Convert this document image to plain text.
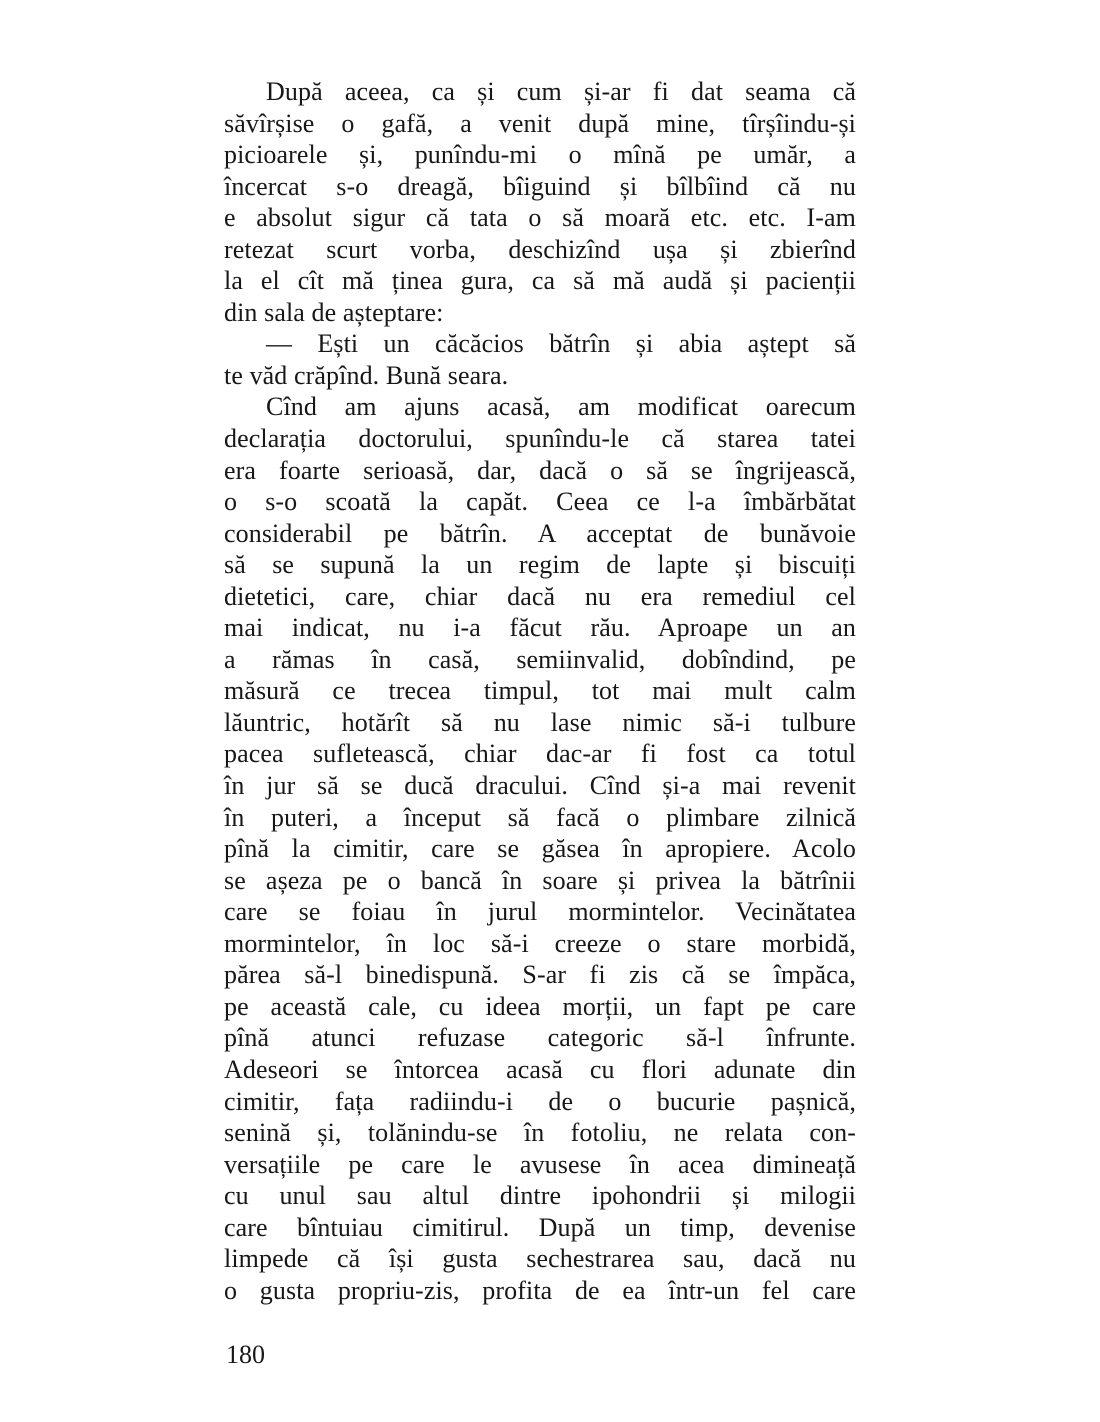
După aceea, ca și cum și-ar fi dat seama că
săvîrșise o gafă, a venit după mine, tîrșîindu-și
picioarele și, punîndu-mi o mînă pe umăr, a
încercat s-o dreagă, bîiguind și bîlbîind că nu
e absolut sigur că tata o să moară etc. etc. I-am
retezat scurt vorba, deschizînd ușa și zbierînd
la el cît mă ținea gura, ca să mă audă și pacienții
din sala de așteptare:
— Ești un căcăcios bătrîn și abia aștept să
te văd crăpînd. Bună seara.
Cînd am ajuns acasă, am modificat oarecum
declarația doctorului, spunîndu-le că starea tatei
era foarte serioasă, dar, dacă o să se îngrijească,
o s-o scoată la capăt. Ceea ce l-a îmbărbătat
considerabil pe bătrîn. A acceptat de bunăvoie
să se supună la un regim de lapte și biscuiți
dietetici, care, chiar dacă nu era remediul cel
mai indicat, nu i-a făcut rău. Aproape un an
a rămas în casă, semiinvalid, dobîndind, pe
măsură ce trecea timpul, tot mai mult calm
lăuntric, hotărît să nu lase nimic să-i tulbure
pacea sufletească, chiar dac-ar fi fost ca totul
în jur să se ducă dracului. Cînd și-a mai revenit
în puteri, a început să facă o plimbare zilnică
pînă la cimitir, care se găsea în apropiere. Acolo
se așeza pe o bancă în soare și privea la bătrînii
care se foiau în jurul mormintelor. Vecinătatea
mormintelor, în loc să-i creeze o stare morbidă,
părea să-l binedispună. S-ar fi zis că se împăca,
pe această cale, cu ideea morții, un fapt pe care
pînă atunci refuzase categoric să-l înfrunte.
Adeseori se întorcea acasă cu flori adunate din
cimitir, fața radiindu-i de o bucurie pașnică,
senină și, tolănindu-se în fotoliu, ne relata con-
versațiile pe care le avusese în acea dimineață
cu unul sau altul dintre ipohondrii și milogii
care bîntuiau cimitirul. După un timp, devenise
limpede că își gusta sechestrarea sau, dacă nu
o gusta propriu-zis, profita de ea într-un fel care
180
